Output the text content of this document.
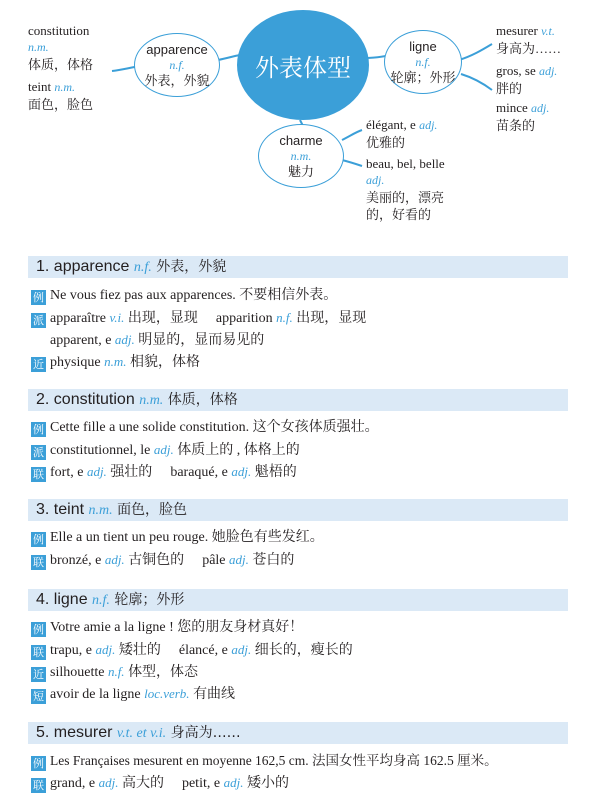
constitution
n.m.
体质，体格
teint n.m.
面色，脸色
apparence
n.f.
外表，外貌	外表体型
ligne
n.f.
轮廓；外形
charme
n.m.
魅力
mesurer v.t.
身高为……
gros, se adj.
胖的
mince adj.
苗条的
élégant, e adj.
优雅的
beau, bel, belle
adj.
美丽的，漂亮
的，好看的
1. apparence n.f. 外表，外貌
例 Ne vous fiez pas aux apparences. 不要相信外表。
派 apparaître v.i. 出现，显现 apparition n.f. 出现，显现
apparent, e adj. 明显的，显而易见的
近 physique n.m. 相貌，体格
2. constitution n.m. 体质，体格
例 Cette fille a une solide constitution. 这个女孩体质强壮。
派 constitutionnel, le adj. 体质上的 , 体格上的
联 fort, e adj. 强壮的 baraqué, e adj. 魁梧的
3. teint n.m. 面色，脸色
例 Elle a un tient un peu rouge. 她脸色有些发红。
联 bronzé, e adj. 古铜色的 pâle adj. 苍白的
4. ligne n.f. 轮廓；外形
例 Votre amie a la ligne ! 您的朋友身材真好！
联 trapu, e adj. 矮壮的 élancé, e adj. 细长的，瘦长的
近 silhouette n.f. 体型，体态
短 avoir de la ligne loc.verb. 有曲线
5. mesurer v.t. et v.i. 身高为……
例 Les Françaises mesurent en moyenne 162,5 cm. 法国女性平均身高 162.5 厘米。
联 grand, e adj. 高大的 petit, e adj. 矮小的
